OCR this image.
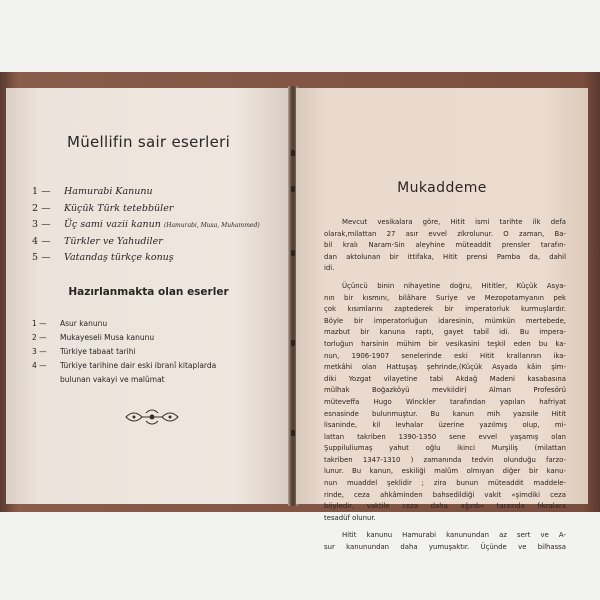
Müellifin sair eserleri
1 — Hamurabi Kanunu
2 — Küçük Türk tetebbüler
3 — Üç sami vazii kanun (Hamurabi, Musa, Muhammed)
4 — Türkler ve Yahudiler
5 — Vatandaş türkçe konuş
Hazırlanmakta olan eserler
1 — Asur kanunu
2 — Mukayeseli Musa kanunu
3 — Türkiye tabaat tarihi
4 — Türkiye tarihine dair eski ibranî kitaplarda
bulunan vakayi ve malûmat
Mukaddeme
Mevcut vesikalara göre, Hitit ismi tarihte ilk defa
olarak,milattan 27 asır evvel zikrolunur. O zaman, Ba-
bil kralı Naram-Sin aleyhine müteaddit prensler tarafın-
dan aktolunan bir ittifaka, Hitit prensi Pamba da, dahil
idi.
Üçüncü binin nihayetine doğru, Hititler, Küçük Asya-
nın bir kısmını, bilâhare Suriye ve Mezopotamyanın pek
çok kısımlarını zaptederek bir imperatorluk kurmuşlardır.
Böyle bir imperatorluğun idaresinin, mümkün mertebede,
mazbut bir kanuna raptı, gayet tabiî idi. Bu impera-
torluğun harsinin mühim bir vesikasini teşkil eden bu ka-
nun, 1906-1907 senelerinde eski Hitit krallarının ika-
metkâhi olan Hattuşaş şehrinde,(Küçük Asyada kâin şim-
diki Yozgat vilayetine tabi Akdağ Madeni kasabasına
mülhak Boğazköyü mevkiidir) Alman Profesörü
müteveffa Hugo Winckler tarafından yapılan hafriyat
esnasinde bulunmuştur. Bu kanun mih yazısile Hitit
lisaninde, kil levhalar üzerine yazılmış olup, mi-
lattan takriben 1390-1350 sene evvel yaşamış olan
Şuppiluliumaş yahut oğlu ikinci Murşiliş (milattan
takriben 1347-1310 ) zamanında tedvin olunduğu farzo-
lunur. Bu kanun, eskiliği malûm olmıyan diğer bir kanu-
nun muaddel şeklidir ; zira bunun müteaddit maddele-
rinde, ceza ahkâminden bahsedildiği vakit «şimdiki ceza
böyledir, vaktile ceza daha ağırdı» tarzında fıkralara
tesadüf olunur.
Hitit kanunu Hamurabi kanunundan az sert ve A-
sur kanunundan daha yumuşaktır. Üçünde ve bilhassa
